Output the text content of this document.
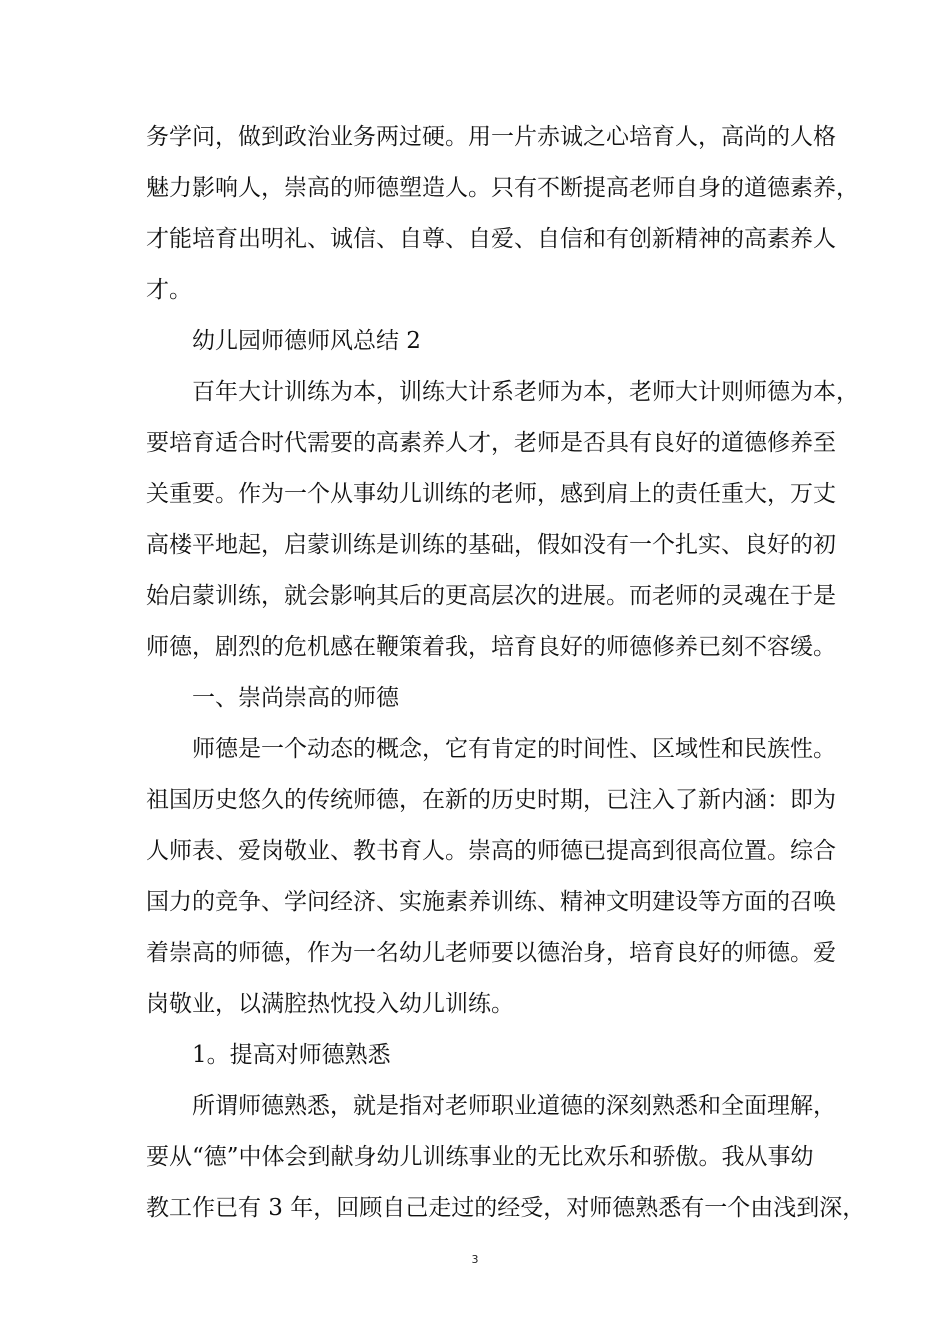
务学问，做到政治业务两过硬。用一片赤诚之心培育人，高尚的人格
魅力影响人，崇高的师德塑造人。只有不断提高老师自身的道德素养，
才能培育出明礼、诚信、自尊、自爱、自信和有创新精神的高素养人
才。
幼儿园师德师风总结 2
百年大计训练为本，训练大计系老师为本，老师大计则师德为本，
要培育适合时代需要的高素养人才，老师是否具有良好的道德修养至
关重要。作为一个从事幼儿训练的老师，感到肩上的责任重大，万丈
高楼平地起，启蒙训练是训练的基础，假如没有一个扎实、良好的初
始启蒙训练，就会影响其后的更高层次的进展。而老师的灵魂在于是
师德，剧烈的危机感在鞭策着我，培育良好的师德修养已刻不容缓。
一、崇尚崇高的师德
师德是一个动态的概念，它有肯定的时间性、区域性和民族性。
祖国历史悠久的传统师德，在新的历史时期，已注入了新内涵：即为
人师表、爱岗敬业、教书育人。崇高的师德已提高到很高位置。综合
国力的竞争、学问经济、实施素养训练、精神文明建设等方面的召唤
着崇高的师德，作为一名幼儿老师要以德治身，培育良好的师德。爱
岗敬业，以满腔热忱投入幼儿训练。
1。提高对师德熟悉
所谓师德熟悉，就是指对老师职业道德的深刻熟悉和全面理解，
要从“德”中体会到献身幼儿训练事业的无比欢乐和骄傲。我从事幼
教工作已有 3 年，回顾自己走过的经受，对师德熟悉有一个由浅到深，
3
